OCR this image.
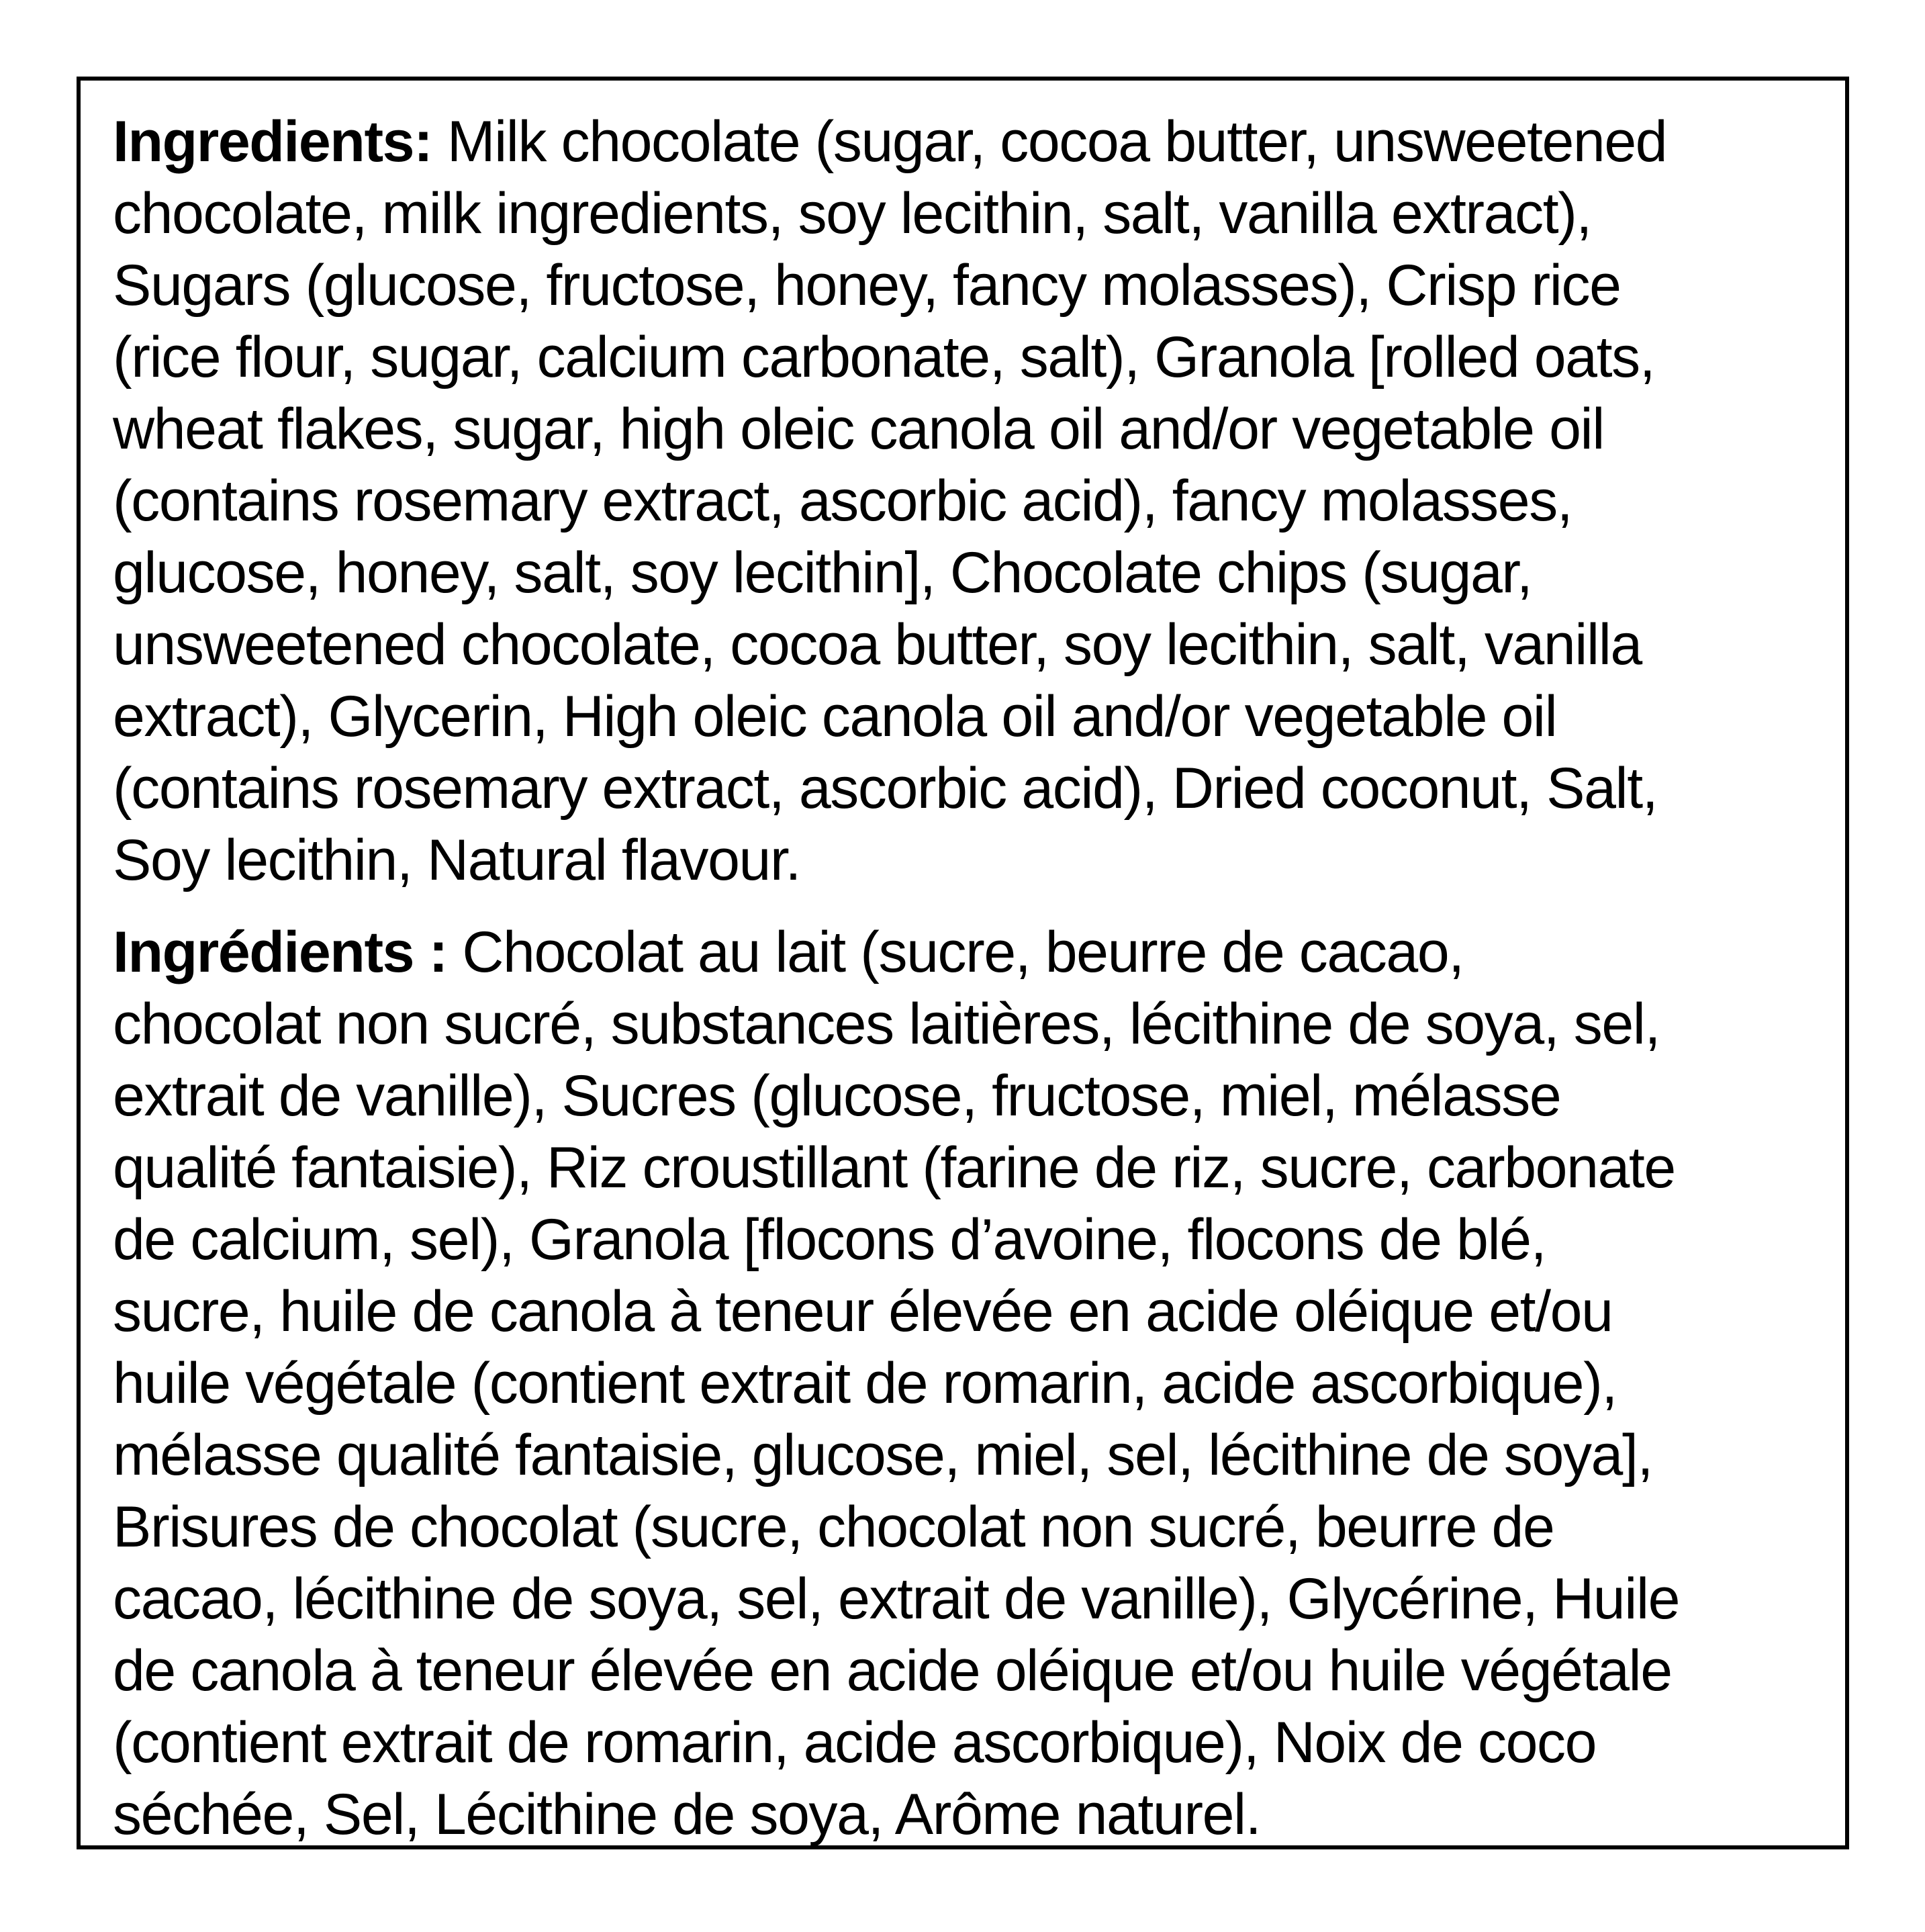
Ingredients: Milk chocolate (sugar, cocoa butter, unsweetened
chocolate, milk ingredients, soy lecithin, salt, vanilla extract),
Sugars (glucose, fructose, honey, fancy molasses), Crisp rice
(rice flour, sugar, calcium carbonate, salt), Granola [rolled oats,
wheat flakes, sugar, high oleic canola oil and/or vegetable oil
(contains rosemary extract, ascorbic acid), fancy molasses,
glucose, honey, salt, soy lecithin], Chocolate chips (sugar,
unsweetened chocolate, cocoa butter, soy lecithin, salt, vanilla
extract), Glycerin, High oleic canola oil and/or vegetable oil
(contains rosemary extract, ascorbic acid), Dried coconut, Salt,
Soy lecithin, Natural flavour.
Ingrédients : Chocolat au lait (sucre, beurre de cacao,
chocolat non sucré, substances laitières, lécithine de soya, sel,
extrait de vanille), Sucres (glucose, fructose, miel, mélasse
qualité fantaisie), Riz croustillant (farine de riz, sucre, carbonate
de calcium, sel), Granola [flocons d’avoine, flocons de blé,
sucre, huile de canola à teneur élevée en acide oléique et/ou
huile végétale (contient extrait de romarin, acide ascorbique),
mélasse qualité fantaisie, glucose, miel, sel, lécithine de soya],
Brisures de chocolat (sucre, chocolat non sucré, beurre de
cacao, lécithine de soya, sel, extrait de vanille), Glycérine, Huile
de canola à teneur élevée en acide oléique et/ou huile végétale
(contient extrait de romarin, acide ascorbique), Noix de coco
séchée, Sel, Lécithine de soya, Arôme naturel.
